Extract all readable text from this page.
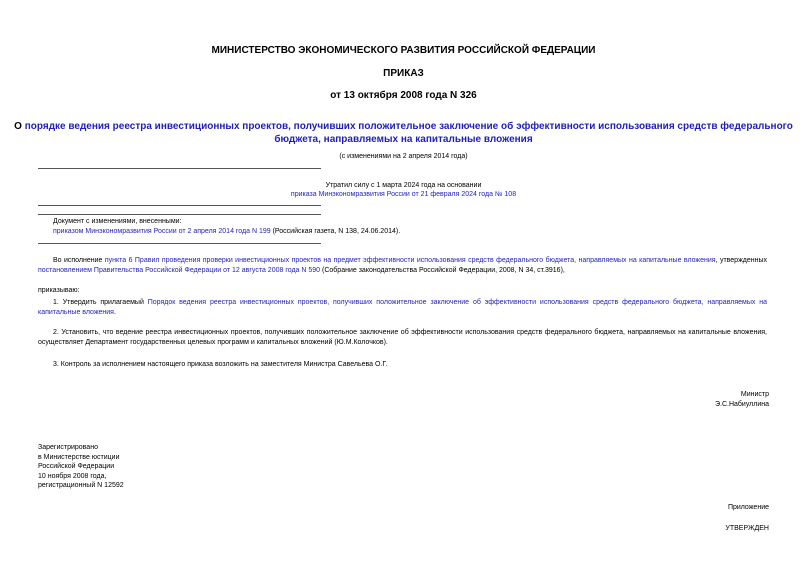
МИНИСТЕРСТВО ЭКОНОМИЧЕСКОГО РАЗВИТИЯ РОССИЙСКОЙ ФЕДЕРАЦИИ
ПРИКАЗ
от 13 октября 2008 года N 326
О порядке ведения реестра инвестиционных проектов, получивших положительное заключение об эффективности использования средств федерального
бюджета, направляемых на капитальные вложения
(с изменениями на 2 апреля 2014 года)
Утратил силу с 1 марта 2024 года на основании
приказа Минэкономразвития России от 21 февраля 2024 года № 108
Документ с изменениями, внесенными:
приказом Минэкономразвития России от 2 апреля 2014 года N 199 (Российская газета, N 138, 24.06.2014).
Во исполнение пункта 6 Правил проведения проверки инвестиционных проектов на предмет эффективности использования средств федерального бюджета, направляемых на капитальные вложения, утвержденных постановлением Правительства Российской Федерации от 12 августа 2008 года N 590 (Собрание законодательства Российской Федерации, 2008, N 34, ст.3916),
приказываю:
1. Утвердить прилагаемый Порядок ведения реестра инвестиционных проектов, получивших положительное заключение об эффективности использования средств федерального бюджета, направляемых на капитальные вложения.
2. Установить, что ведение реестра инвестиционных проектов, получивших положительное заключение об эффективности использования средств федерального бюджета, направляемых на капитальные вложения, осуществляет Департамент государственных целевых программ и капитальных вложений (Ю.М.Колочков).
3. Контроль за исполнением настоящего приказа возложить на заместителя Министра Савельева О.Г.
Министр
Э.С.Набиуллина
Зарегистрировано
в Министерстве юстиции
Российской Федерации
10 ноября 2008 года,
регистрационный N 12592
Приложение
УТВЕРЖДЕН
